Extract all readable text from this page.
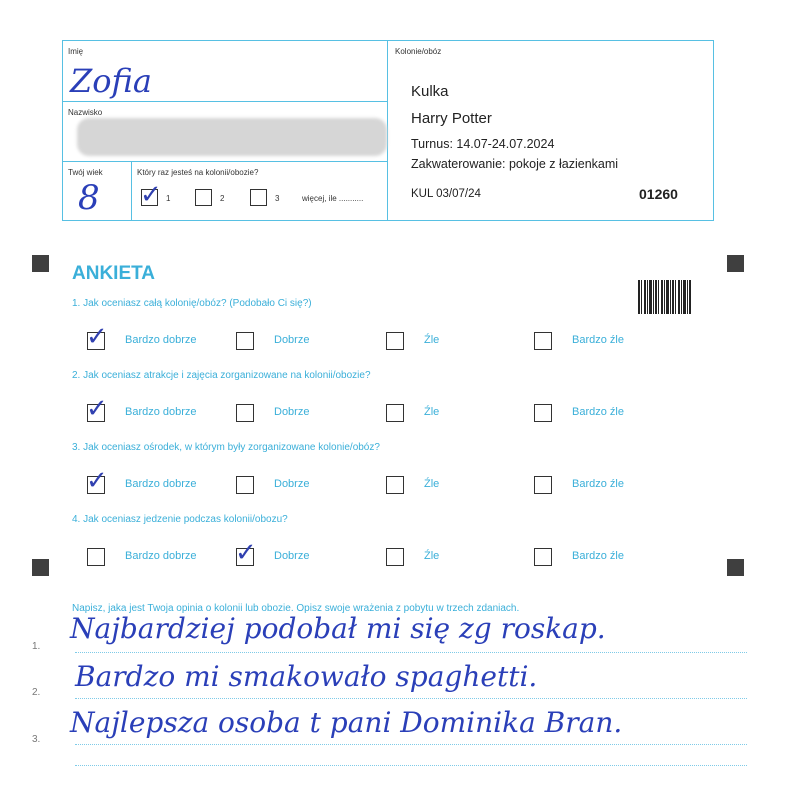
Imię
Zofia
Nazwisko
Twój wiek
8
Który raz jesteś na kolonii/obozie?
✓ 1	2	3	więcej, ile ...........
Kolonie/obóz
Kulka
Harry Potter
Turnus: 14.07-24.07.2024
Zakwaterowanie: pokoje z łazienkami
KUL 03/07/24	01260
ANKIETA
1. Jak oceniasz całą kolonię/obóz? (Podobało Ci się?)
✓ Bardzo dobrze	Dobrze	Źle	Bardzo źle
2. Jak oceniasz atrakcje i zajęcia zorganizowane na kolonii/obozie?
✓ Bardzo dobrze	Dobrze	Źle	Bardzo źle
3. Jak oceniasz ośrodek, w którym były zorganizowane kolonie/obóz?
✓ Bardzo dobrze	Dobrze	Źle	Bardzo źle
4. Jak oceniasz jedzenie podczas kolonii/obozu?
Bardzo dobrze ✓ Dobrze	Źle	Bardzo źle
Napisz, jaka jest Twoja opinia o kolonii lub obozie. Opisz swoje wrażenia z pobytu w trzech zdaniach.
1.
2.
3.
Najbardziej podobał mi się zg roskap.
Bardzo mi smakowało spaghetti.
Najlepsza osoba t pani Dominika Bran.
